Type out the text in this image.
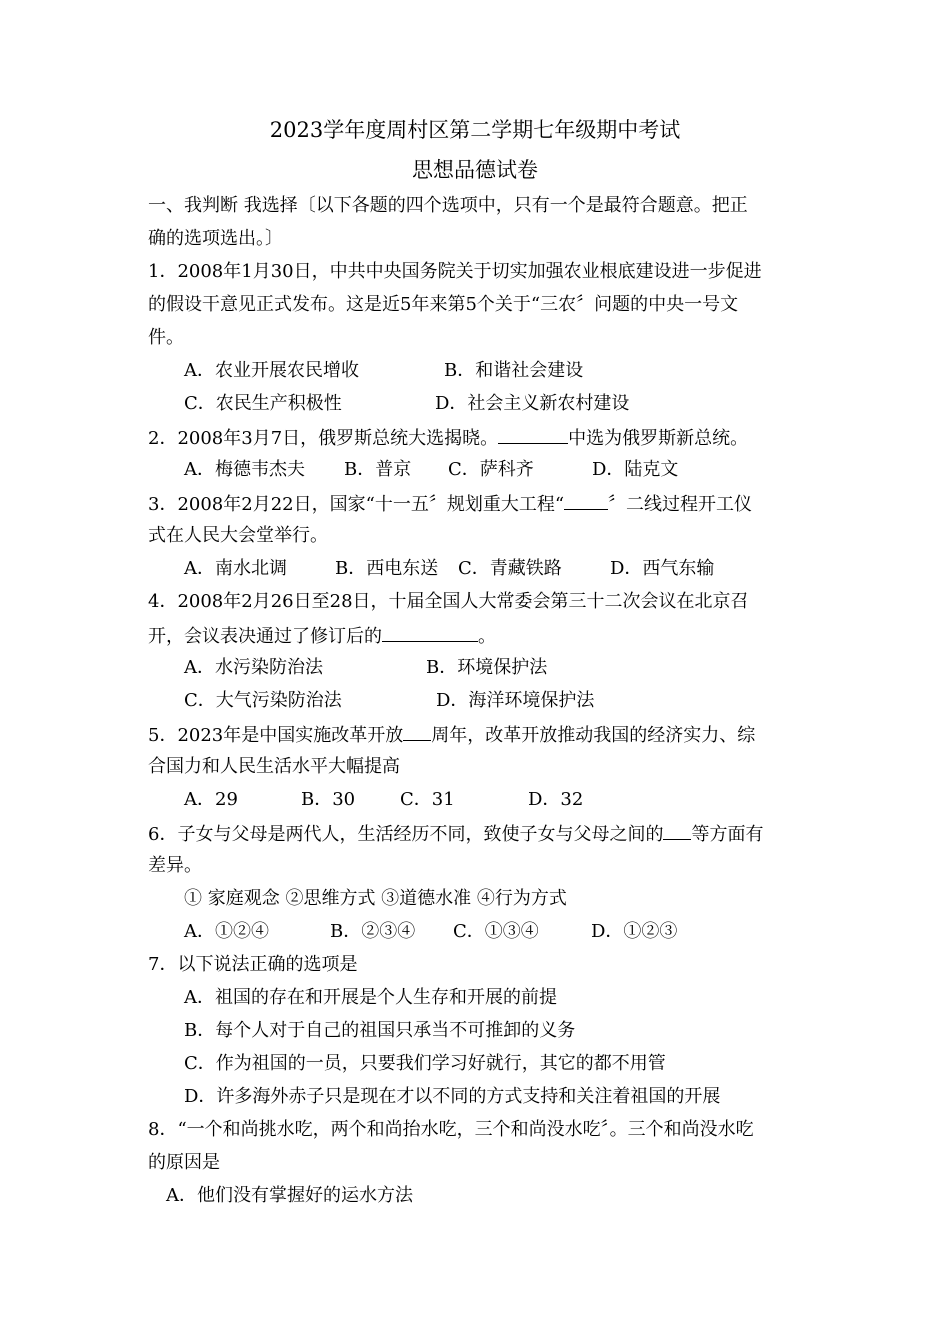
2023学年度周村区第二学期七年级期中考试
思想品德试卷
一、我判断 我选择〔以下各题的四个选项中，只有一个是最符合题意。把正
确的选项选出。〕
1．2008年1月30日，中共中央国务院关于切实加强农业根底建设进一步促进
的假设干意见正式发布。这是近5年来第5个关于“三农〞问题的中央一号文
件。
A．农业开展农民增收	B．和谐社会建设
C．农民生产积极性	D．社会主义新农村建设
2．2008年3月7日，俄罗斯总统大选揭晓。	中选为俄罗斯新总统。
A．梅德韦杰夫 B．普京 C．萨科齐	D．陆克文
3．2008年2月22日，国家“十一五〞规划重大工程“ 〞二线过程开工仪
式在人民大会堂举行。
A．南水北调	B．西电东送 C．青藏铁路	D．西气东输
4．2008年2月26日至28日，十届全国人大常委会第三十二次会议在北京召
开，会议表决通过了修订后的	。
A．水污染防治法	B．环境保护法
C．大气污染防治法	D．海洋环境保护法
5．2023年是中国实施改革开放 周年，改革开放推动我国的经济实力、综
合国力和人民生活水平大幅提高
A．29	B．30 C．31	D．32
6．子女与父母是两代人，生活经历不同，致使子女与父母之间的 等方面有
差异。
① 家庭观念 ②思维方式 ③道德水准 ④行为方式
A．①②④	B．②③④ C．①③④	D．①②③
7．以下说法正确的选项是
A．祖国的存在和开展是个人生存和开展的前提
B．每个人对于自己的祖国只承当不可推卸的义务
C．作为祖国的一员，只要我们学习好就行，其它的都不用管
D．许多海外赤子只是现在才以不同的方式支持和关注着祖国的开展
8．“一个和尚挑水吃，两个和尚抬水吃，三个和尚没水吃〞。三个和尚没水吃
的原因是
A．他们没有掌握好的运水方法
